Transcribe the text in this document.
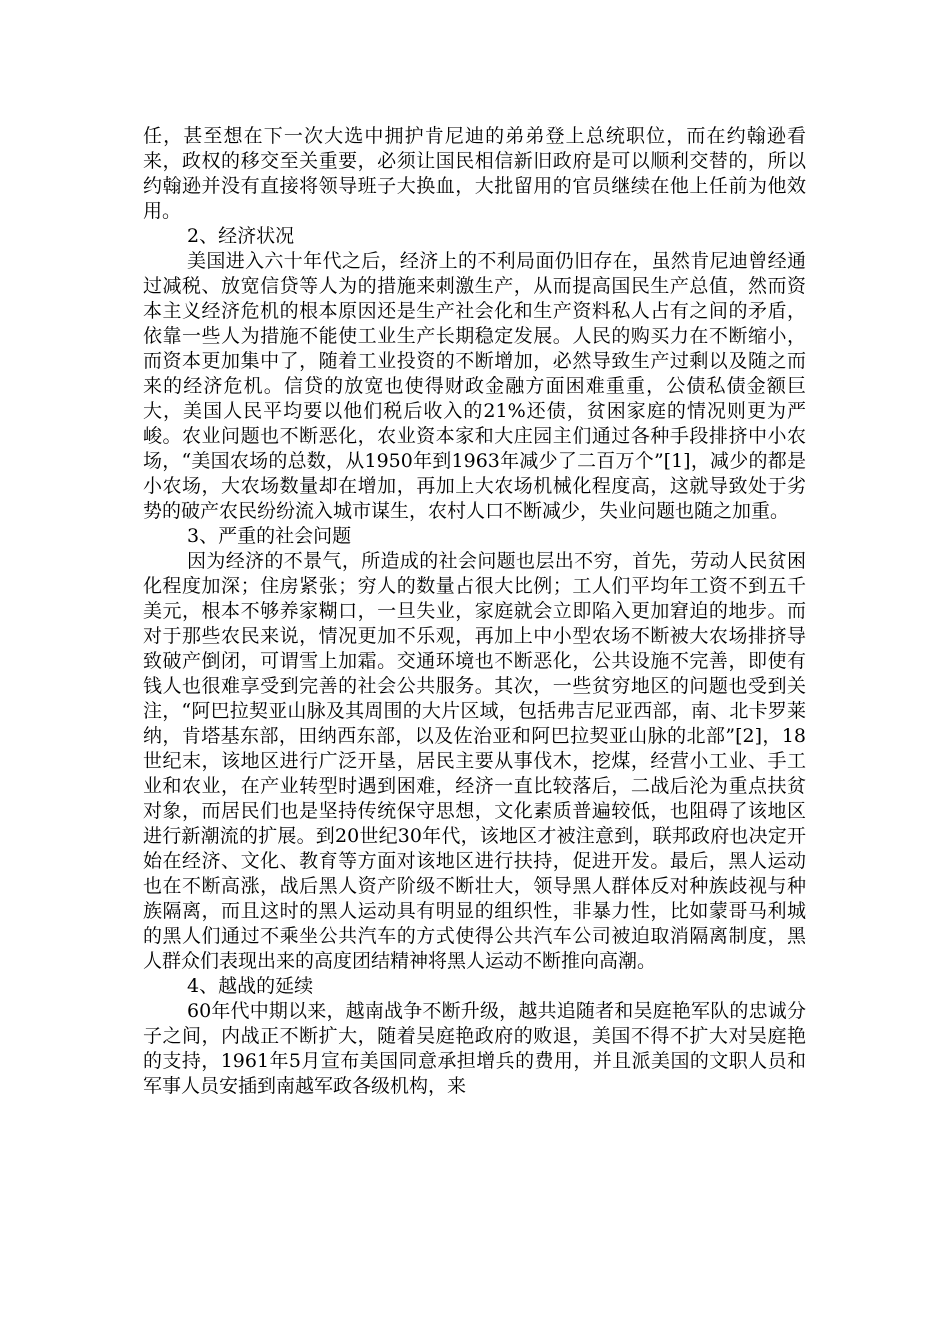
任，甚至想在下一次大选中拥护肯尼迪的弟弟登上总统职位，而在约翰逊看来，政权的移交至关重要，必须让国民相信新旧政府是可以顺利交替的，所以约翰逊并没有直接将领导班子大换血，大批留用的官员继续在他上任前为他效用。

2、经济状况

美国进入六十年代之后，经济上的不利局面仍旧存在，虽然肯尼迪曾经通过减税、放宽信贷等人为的措施来刺激生产，从而提高国民生产总值，然而资本主义经济危机的根本原因还是生产社会化和生产资料私人占有之间的矛盾，依靠一些人为措施不能使工业生产长期稳定发展。人民的购买力在不断缩小，而资本更加集中了，随着工业投资的不断增加，必然导致生产过剩以及随之而来的经济危机。信贷的放宽也使得财政金融方面困难重重，公债私债金额巨大，美国人民平均要以他们税后收入的21%还债，贫困家庭的情况则更为严峻。农业问题也不断恶化，农业资本家和大庄园主们通过各种手段排挤中小农场，“美国农场的总数，从1950年到1963年减少了二百万个”[1]，减少的都是小农场，大农场数量却在增加，再加上大农场机械化程度高，这就导致处于劣势的破产农民纷纷流入城市谋生，农村人口不断减少，失业问题也随之加重。

3、严重的社会问题

因为经济的不景气，所造成的社会问题也层出不穷，首先，劳动人民贫困化程度加深；住房紧张；穷人的数量占很大比例；工人们平均年工资不到五千美元，根本不够养家糊口，一旦失业，家庭就会立即陷入更加窘迫的地步。而对于那些农民来说，情况更加不乐观，再加上中小型农场不断被大农场排挤导致破产倒闭，可谓雪上加霜。交通环境也不断恶化，公共设施不完善，即使有钱人也很难享受到完善的社会公共服务。其次，一些贫穷地区的问题也受到关注，“阿巴拉契亚山脉及其周围的大片区域，包括弗吉尼亚西部，南、北卡罗莱纳，肯塔基东部，田纳西东部，以及佐治亚和阿巴拉契亚山脉的北部”[2]，18世纪末，该地区进行广泛开垦，居民主要从事伐木，挖煤，经营小工业、手工业和农业，在产业转型时遇到困难，经济一直比较落后，二战后沦为重点扶贫对象，而居民们也是坚持传统保守思想，文化素质普遍较低，也阻碍了该地区进行新潮流的扩展。到20世纪30年代，该地区才被注意到，联邦政府也决定开始在经济、文化、教育等方面对该地区进行扶持，促进开发。最后，黑人运动也在不断高涨，战后黑人资产阶级不断壮大，领导黑人群体反对种族歧视与种族隔离，而且这时的黑人运动具有明显的组织性，非暴力性，比如蒙哥马利城的黑人们通过不乘坐公共汽车的方式使得公共汽车公司被迫取消隔离制度，黑人群众们表现出来的高度团结精神将黑人运动不断推向高潮。

4、越战的延续

60年代中期以来，越南战争不断升级，越共追随者和吴庭艳军队的忠诚分子之间，内战正不断扩大，随着吴庭艳政府的败退，美国不得不扩大对吴庭艳的支持，1961年5月宣布美国同意承担增兵的费用，并且派美国的文职人员和军事人员安插到南越军政各级机构，来
